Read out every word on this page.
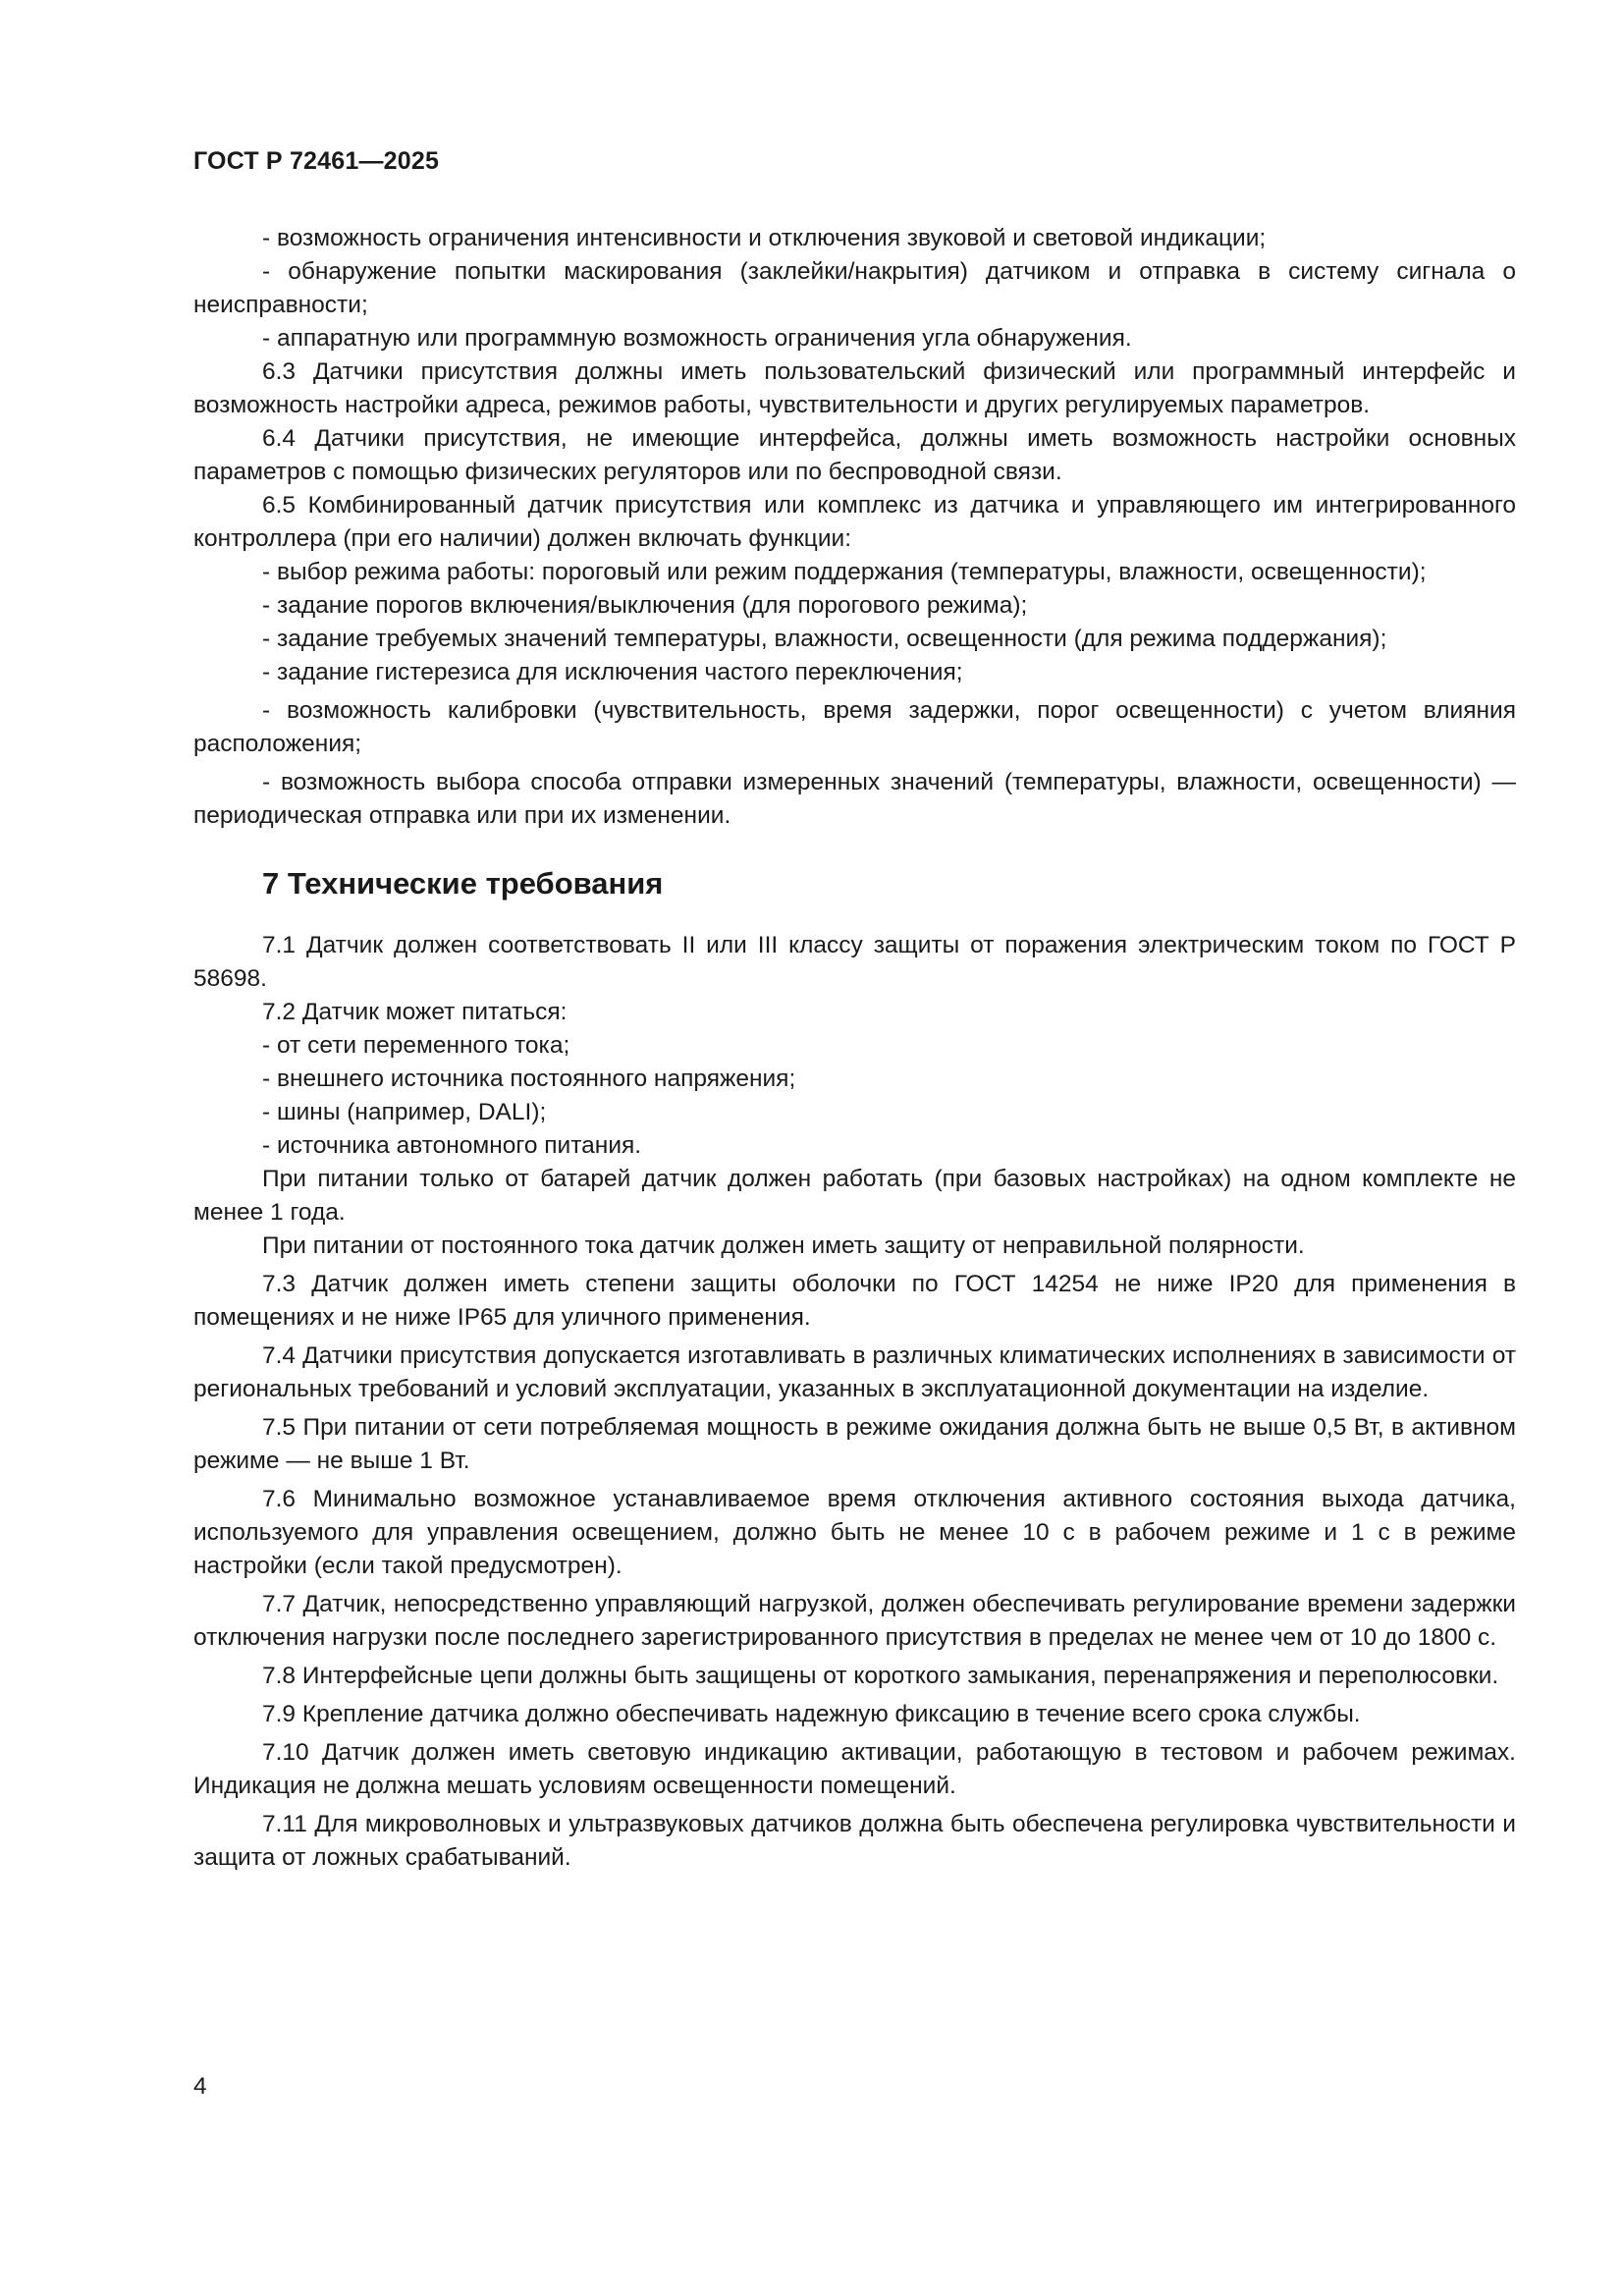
ГОСТ Р 72461—2025

- возможность ограничения интенсивности и отключения звуковой и световой индикации;

- обнаружение попытки маскирования (заклейки/накрытия) датчиком и отправка в систему сигнала о неисправности;

- аппаратную или программную возможность ограничения угла обнаружения.

6.3 Датчики присутствия должны иметь пользовательский физический или программный интерфейс и возможность настройки адреса, режимов работы, чувствительности и других регулируемых параметров.

6.4 Датчики присутствия, не имеющие интерфейса, должны иметь возможность настройки основных параметров с помощью физических регуляторов или по беспроводной связи.

6.5 Комбинированный датчик присутствия или комплекс из датчика и управляющего им интегрированного контроллера (при его наличии) должен включать функции:

- выбор режима работы: пороговый или режим поддержания (температуры, влажности, освещенности);

- задание порогов включения/выключения (для порогового режима);

- задание требуемых значений температуры, влажности, освещенности (для режима поддержания);

- задание гистерезиса для исключения частого переключения;

- возможность калибровки (чувствительность, время задержки, порог освещенности) с учетом влияния расположения;

- возможность выбора способа отправки измеренных значений (температуры, влажности, освещенности) — периодическая отправка или при их изменении.

7 Технические требования

7.1 Датчик должен соответствовать II или III классу защиты от поражения электрическим током по ГОСТ Р 58698.

7.2 Датчик может питаться:

- от сети переменного тока;

- внешнего источника постоянного напряжения;

- шины (например, DALI);

- источника автономного питания.

При питании только от батарей датчик должен работать (при базовых настройках) на одном комплекте не менее 1 года.

При питании от постоянного тока датчик должен иметь защиту от неправильной полярности.

7.3 Датчик должен иметь степени защиты оболочки по ГОСТ 14254 не ниже IP20 для применения в помещениях и не ниже IP65 для уличного применения.

7.4 Датчики присутствия допускается изготавливать в различных климатических исполнениях в зависимости от региональных требований и условий эксплуатации, указанных в эксплуатационной документации на изделие.

7.5 При питании от сети потребляемая мощность в режиме ожидания должна быть не выше 0,5 Вт, в активном режиме — не выше 1 Вт.

7.6 Минимально возможное устанавливаемое время отключения активного состояния выхода датчика, используемого для управления освещением, должно быть не менее 10 с в рабочем режиме и 1 с в режиме настройки (если такой предусмотрен).

7.7 Датчик, непосредственно управляющий нагрузкой, должен обеспечивать регулирование времени задержки отключения нагрузки после последнего зарегистрированного присутствия в пределах не менее чем от 10 до 1800 с.

7.8 Интерфейсные цепи должны быть защищены от короткого замыкания, перенапряжения и переполюсовки.

7.9 Крепление датчика должно обеспечивать надежную фиксацию в течение всего срока службы.

7.10 Датчик должен иметь световую индикацию активации, работающую в тестовом и рабочем режимах. Индикация не должна мешать условиям освещенности помещений.

7.11 Для микроволновых и ультразвуковых датчиков должна быть обеспечена регулировка чувствительности и защита от ложных срабатываний.

4
